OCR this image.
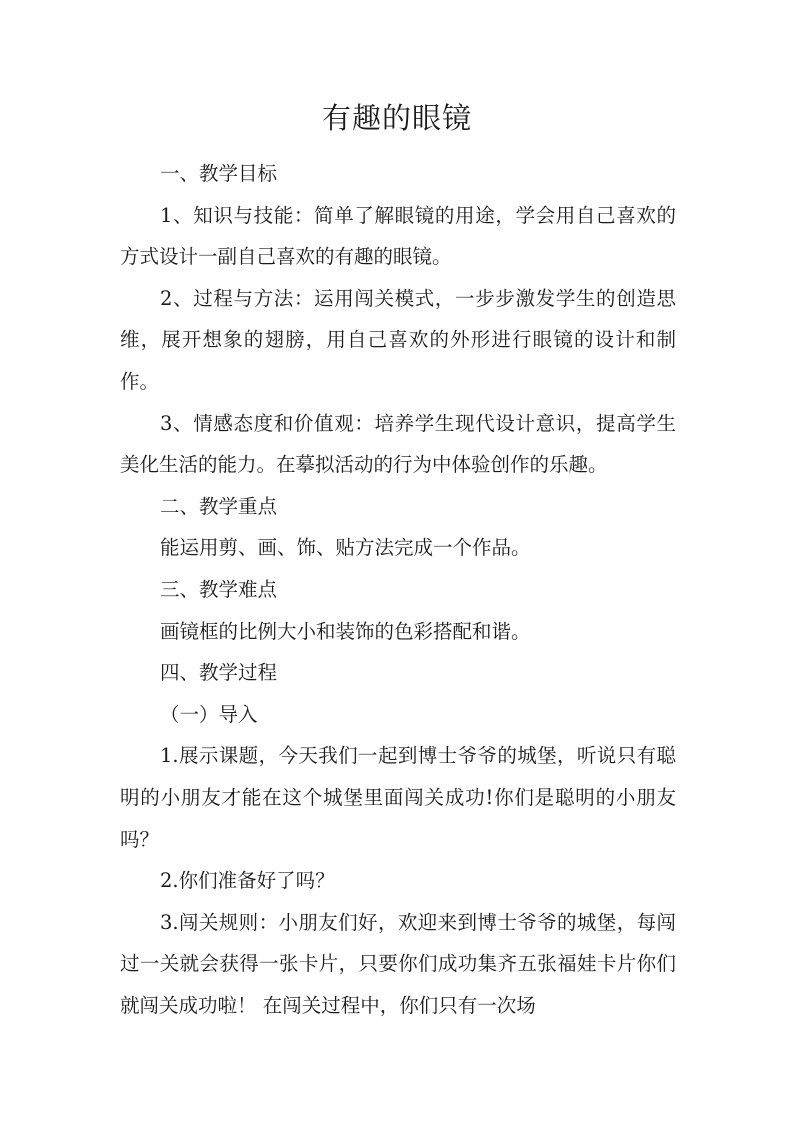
有趣的眼镜

一、教学目标

1、知识与技能：简单了解眼镜的用途，学会用自己喜欢的方式设计一副自己喜欢的有趣的眼镜。

2、过程与方法：运用闯关模式，一步步激发学生的创造思维，展开想象的翅膀，用自己喜欢的外形进行眼镜的设计和制作。

3、情感态度和价值观：培养学生现代设计意识，提高学生美化生活的能力。在摹拟活动的行为中体验创作的乐趣。

二、教学重点

能运用剪、画、饰、贴方法完成一个作品。

三、教学难点

画镜框的比例大小和装饰的色彩搭配和谐。

四、教学过程

（一）导入

1.展示课题，今天我们一起到博士爷爷的城堡，听说只有聪明的小朋友才能在这个城堡里面闯关成功!你们是聪明的小朋友吗？

2.你们准备好了吗？

3.闯关规则：小朋友们好，欢迎来到博士爷爷的城堡，每闯过一关就会获得一张卡片，只要你们成功集齐五张福娃卡片你们就闯关成功啦！ 在闯关过程中，你们只有一次场
